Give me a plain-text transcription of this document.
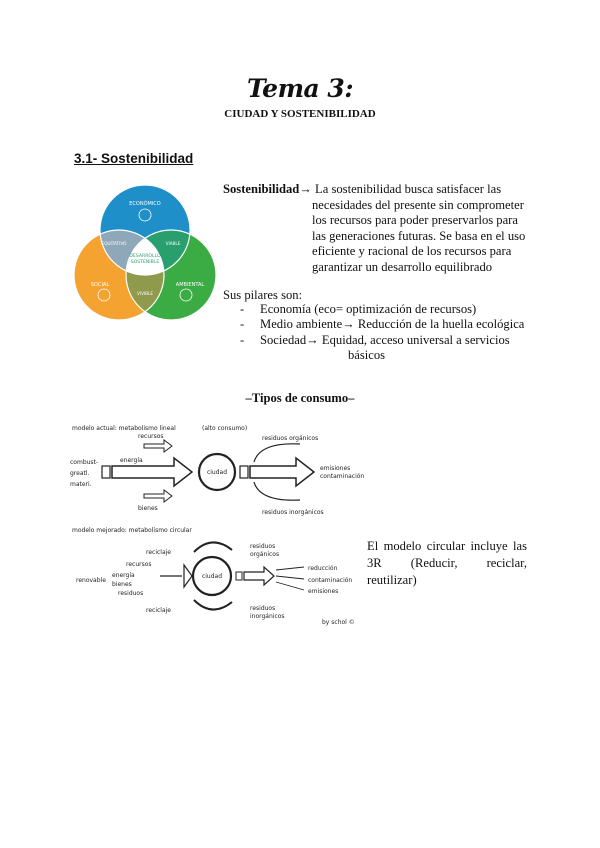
Tema 3:
CIUDAD Y SOSTENIBILIDAD
3.1- Sostenibilidad
ECONÓMICO
SOCIAL	AMBIENTAL
EQUITATIVO	VIABLE
VIVIBLE
DESARROLLO
SOSTENIBLE
Sostenibilidad→ La sostenibilidad busca satisfacer las
necesidades del presente sin comprometer
los recursos para poder preservarlos para
las generaciones futuras. Se basa en el uso
eficiente y racional de los recursos para
garantizar un desarrollo equilibrado
Sus pilares son:
- Economía (eco= optimización de recursos)
- Medio ambiente→ Reducción de la huella ecológica
- Sociedad→ Equidad, acceso universal a servicios
básicos
–Tipos de consumo–
modelo actual: metabolismo lineal	(alto consumo)
combust-
greatl.
materi.
recursos
energía
bienes
ciudad
residuos orgánicos
emisiones
contaminación
residuos inorgánicos
modelo mejorado: metabolismo circular
reciclaje
reciclaje
renovable
recursos
energía
bienes
residuos
ciudad
residuos
orgánicos
reducción
contaminación
emisiones
residuos
inorgánicos
by schol ©
El modelo circular incluye las 3R (Reducir, reciclar, reutilizar)
